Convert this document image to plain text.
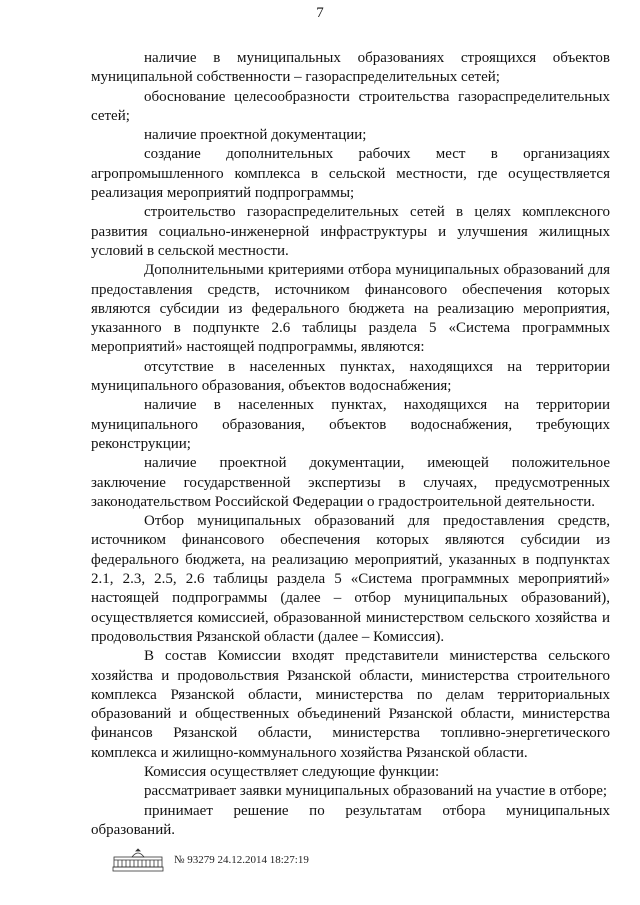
7

наличие в муниципальных образованиях строящихся объектов муниципальной собственности – газораспределительных сетей;

обоснование целесообразности строительства газораспределительных сетей;

наличие проектной документации;

создание дополнительных рабочих мест в организациях агропромышленного комплекса в сельской местности, где осуществляется реализация мероприятий подпрограммы;

строительство газораспределительных сетей в целях комплексного развития социально-инженерной инфраструктуры и улучшения жилищных условий в сельской местности.

Дополнительными критериями отбора муниципальных образований для предоставления средств, источником финансового обеспечения которых являются субсидии из федерального бюджета на реализацию мероприятия, указанного в подпункте 2.6 таблицы раздела 5 «Система программных мероприятий» настоящей подпрограммы, являются:

отсутствие в населенных пунктах, находящихся на территории муниципального образования, объектов водоснабжения;

наличие в населенных пунктах, находящихся на территории муниципального образования, объектов водоснабжения, требующих реконструкции;

наличие проектной документации, имеющей положительное заключение государственной экспертизы в случаях, предусмотренных законодательством Российской Федерации о градостроительной деятельности.

Отбор муниципальных образований для предоставления средств, источником финансового обеспечения которых являются субсидии из федерального бюджета, на реализацию мероприятий, указанных в подпунктах 2.1, 2.3, 2.5, 2.6 таблицы раздела 5 «Система программных мероприятий» настоящей подпрограммы (далее – отбор муниципальных образований), осуществляется комиссией, образованной министерством сельского хозяйства и продовольствия Рязанской области (далее – Комиссия).

В состав Комиссии входят представители министерства сельского хозяйства и продовольствия Рязанской области, министерства строительного комплекса Рязанской области, министерства по делам территориальных образований и общественных объединений Рязанской области, министерства финансов Рязанской области, министерства топливно-энергетического комплекса и жилищно-коммунального хозяйства Рязанской области.

Комиссия осуществляет следующие функции:

рассматривает заявки муниципальных образований на участие в отборе;

принимает решение по результатам отбора муниципальных образований.

№ 93279 24.12.2014 18:27:19
